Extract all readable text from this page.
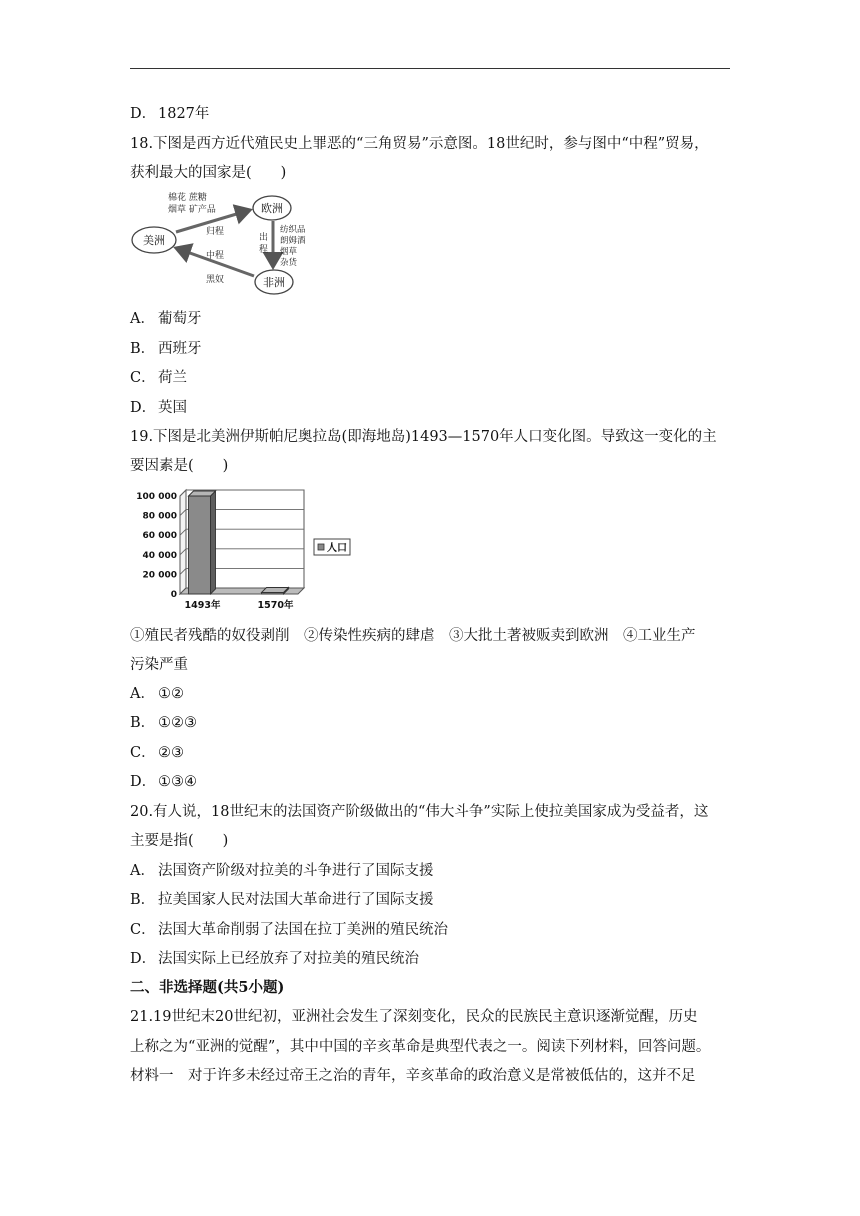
D． 1827年
18.下图是西方近代殖民史上罪恶的“三角贸易”示意图。18世纪时，参与图中“中程”贸易，
获利最大的国家是(　　)
美洲
欧洲
非洲
棉花 蔗糖
烟草 矿产品
归程
出
程
纺织品
朗姆酒
烟草
杂货
中程
黑奴
A． 葡萄牙
B． 西班牙
C． 荷兰
D． 英国
19.下图是北美洲伊斯帕尼奥拉岛(即海地岛)1493—1570年人口变化图。导致这一变化的主
要因素是(　　)
0
20 000
40 000
60 000
80 000
100 000
1493年	1570年
人口
①殖民者残酷的奴役剥削　②传染性疾病的肆虐　③大批土著被贩卖到欧洲　④工业生产
污染严重
A． ①②
B． ①②③
C． ②③
D． ①③④
20.有人说，18世纪末的法国资产阶级做出的“伟大斗争”实际上使拉美国家成为受益者，这
主要是指(　　)
A． 法国资产阶级对拉美的斗争进行了国际支援
B． 拉美国家人民对法国大革命进行了国际支援
C． 法国大革命削弱了法国在拉丁美洲的殖民统治
D． 法国实际上已经放弃了对拉美的殖民统治
二、非选择题(共5小题)
21.19世纪末20世纪初，亚洲社会发生了深刻变化，民众的民族民主意识逐渐觉醒，历史
上称之为“亚洲的觉醒”，其中中国的辛亥革命是典型代表之一。阅读下列材料，回答问题。
材料一　对于许多未经过帝王之治的青年，辛亥革命的政治意义是常被低估的，这并不足
